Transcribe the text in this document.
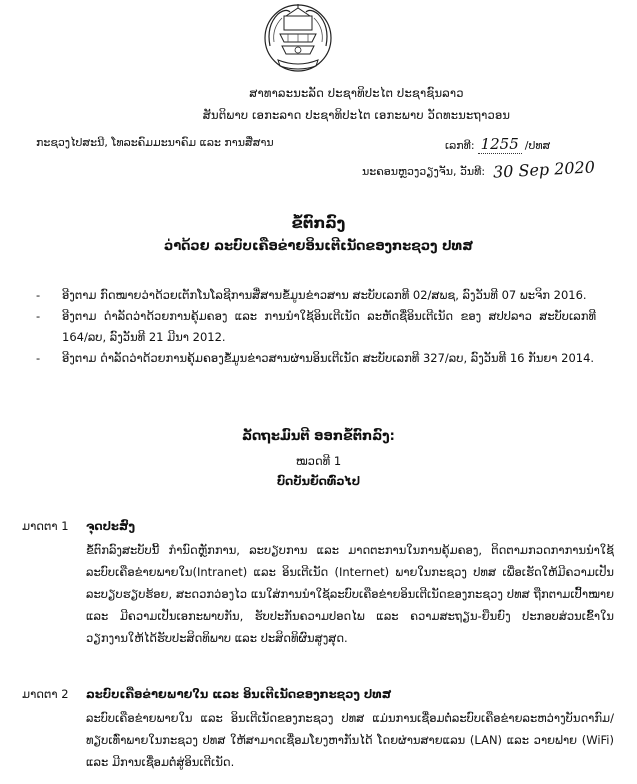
ສາທາລະນະລັດ ປະຊາທິປະໄຕ ປະຊາຊົນລາວ
ສັນຕິພາບ ເອກະລາດ ປະຊາທິປະໄຕ ເອກະພາບ ວັດທະນະຖາວອນ
ກະຊວງໄປສະນີ, ໂທລະຄົມມະນາຄົມ ແລະ ການສື່ສານ	ເລກທີ: 1255 /ປທສ
ນະຄອນຫຼວງວຽງຈັນ, ວັນທີ: 30 Sep 2020
ຂໍ້ຕົກລົງ
ວ່າດ້ວຍ ລະບົບເຄືອຂ່າຍອິນເຕີເນັດຂອງກະຊວງ ປທສ
-	ອີງຕາມ ກົດໝາຍວ່າດ້ວຍເຕັກໂນໂລຊີການສື່ສານຂໍ້ມູນຂ່າວສານ ສະບັບເລກທີ 02/ສພຊ, ລົງວັນທີ 07 ພະຈິກ 2016.
-	ອີງຕາມ ດຳລັດວ່າດ້ວຍການຄຸ້ມຄອງ ແລະ ການນຳໃຊ້ອິນເຕີເນັດ ລະຫັດຊື່ອິນເຕີເນັດ ຂອງ ສປປລາວ ສະບັບເລກທີ 164/ລບ, ລົງວັນທີ 21 ມີນາ 2012.
-	ອີງຕາມ ດຳລັດວ່າດ້ວຍການຄຸ້ມຄອງຂໍ້ມູນຂ່າວສານຜ່ານອິນເຕີເນັດ ສະບັບເລກທີ 327/ລບ, ລົງວັນທີ 16 ກັນຍາ 2014.
ລັດຖະມົນຕີ ອອກຂໍ້ຕົກລົງ:
ໝວດທີ 1
ບົດບັນຍັດທົ່ວໄປ
ມາດຕາ 1	ຈຸດປະສົງ
ຂໍ້ຕົກລົງສະບັບນີ້ ກຳນົດຫຼັກການ, ລະບຽບການ ແລະ ມາດຕະການໃນການຄຸ້ມຄອງ, ຕິດຕາມກວດກາການນຳໃຊ້ລະບົບເຄືອຂ່າຍພາຍໃນ(Intranet) ແລະ ອິນເຕີເນັດ (Internet) ພາຍໃນກະຊວງ ປທສ ເພື່ອເຮັດໃຫ້ມີຄວາມເປັນລະບຽບຮຽບຮ້ອຍ, ສະດວກວ່ອງໄວ ແນໃສ່ການນຳໃຊ້ລະບົບເຄືອຂ່າຍອິນເຕີເນັດຂອງກະຊວງ ປທສ ຖືກຕາມເປົ້າໝາຍ ແລະ ມີຄວາມເປັນເອກະພາບກັນ, ຮັບປະກັນຄວາມປອດໄພ ແລະ ຄວາມສະຖຽນ-ຍືນຍົງ ປະກອບສ່ວນເຂົ້າໃນວຽກງານໃຫ້ໄດ້ຮັບປະສິດທິພາບ ແລະ ປະສິດທິຜົນສູງສຸດ.
ມາດຕາ 2	ລະບົບເຄືອຂ່າຍພາຍໃນ ແລະ ອິນເຕີເນັດຂອງກະຊວງ ປທສ
ລະບົບເຄືອຂ່າຍພາຍໃນ ແລະ ອິນເຕີເນັດຂອງກະຊວງ ປທສ ແມ່ນການເຊື່ອມຕໍ່ລະບົບເຄືອຂ່າຍລະຫວ່າງບັນດາກົມ/ທຽບເທົ່າພາຍໃນກະຊວງ ປທສ ໃຫ້ສາມາດເຊື່ອມໂຍງຫາກັນໄດ້ ໂດຍຜ່ານສາຍແລນ (LAN) ແລະ ວາຍຟາຍ (WiFi) ແລະ ມີການເຊື່ອມຕໍ່ສູ່ອິນເຕີເນັດ.
